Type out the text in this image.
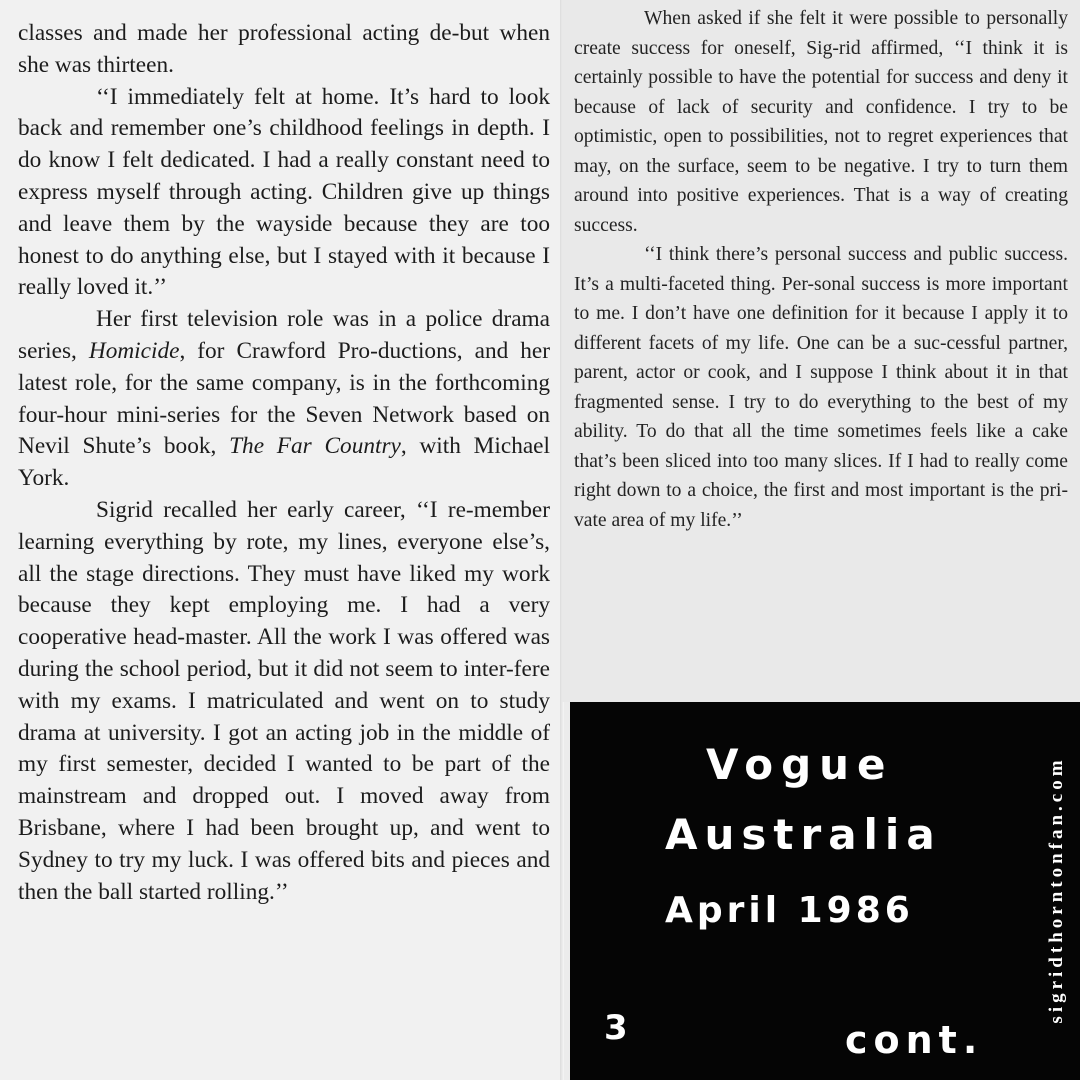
classes and made her professional acting de-but when she was thirteen.

‘‘I immediately felt at home. It’s hard to look back and remember one’s childhood feelings in depth. I do know I felt dedicated. I had a really constant need to express myself through acting. Children give up things and leave them by the wayside because they are too honest to do anything else, but I stayed with it because I really loved it.’’

Her first television role was in a police drama series, Homicide, for Crawford Pro-ductions, and her latest role, for the same company, is in the forthcoming four-hour mini-series for the Seven Network based on Nevil Shute’s book, The Far Country, with Michael York.

Sigrid recalled her early career, ‘‘I re-member learning everything by rote, my lines, everyone else’s, all the stage directions. They must have liked my work because they kept employing me. I had a very cooperative head-master. All the work I was offered was during the school period, but it did not seem to inter-fere with my exams. I matriculated and went on to study drama at university. I got an acting job in the middle of my first semester, decided I wanted to be part of the mainstream and dropped out. I moved away from Brisbane, where I had been brought up, and went to Sydney to try my luck. I was offered bits and pieces and then the ball started rolling.’’

When asked if she felt it were possible to personally create success for oneself, Sig-rid affirmed, ‘‘I think it is certainly possible to have the potential for success and deny it because of lack of security and confidence. I try to be optimistic, open to possibilities, not to regret experiences that may, on the surface, seem to be negative. I try to turn them around into positive experiences. That is a way of creating success.

‘‘I think there’s personal success and public success. It’s a multi-faceted thing. Per-sonal success is more important to me. I don’t have one definition for it because I apply it to different facets of my life. One can be a suc-cessful partner, parent, actor or cook, and I suppose I think about it in that fragmented sense. I try to do everything to the best of my ability. To do that all the time sometimes feels like a cake that’s been sliced into too many slices. If I had to really come right down to a choice, the first and most important is the pri-vate area of my life.’’

Vogue
Australia
April 1986
3	cont.
sigridthorntonfan.com
